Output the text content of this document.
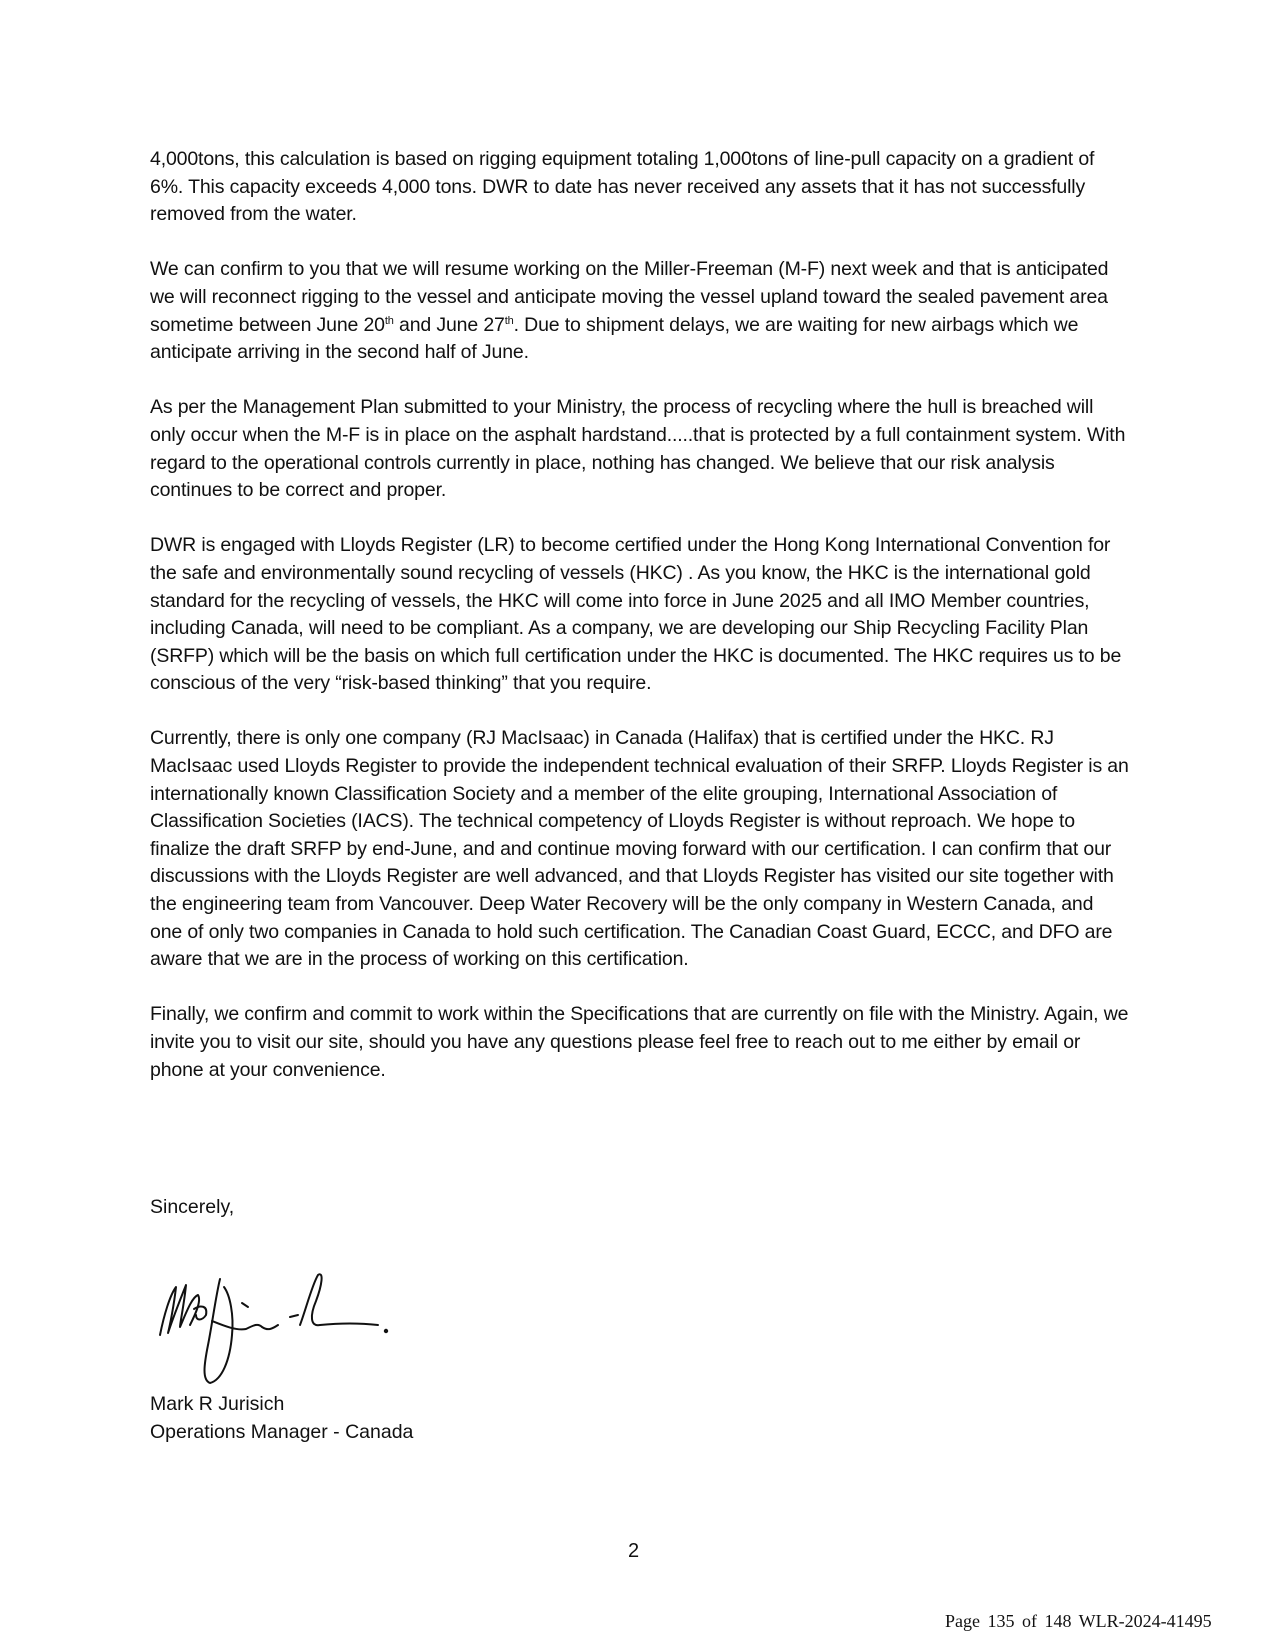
4,000tons, this calculation is based on rigging equipment totaling 1,000tons of line-pull capacity on a gradient of 6%. This capacity exceeds 4,000 tons. DWR to date has never received any assets that it has not successfully removed from the water.

We can confirm to you that we will resume working on the Miller-Freeman (M-F) next week and that is anticipated we will reconnect rigging to the vessel and anticipate moving the vessel upland toward the sealed pavement area sometime between June 20th and June 27th. Due to shipment delays, we are waiting for new airbags which we anticipate arriving in the second half of June.

As per the Management Plan submitted to your Ministry, the process of recycling where the hull is breached will only occur when the M-F is in place on the asphalt hardstand.....that is protected by a full containment system. With regard to the operational controls currently in place, nothing has changed. We believe that our risk analysis continues to be correct and proper.

DWR is engaged with Lloyds Register (LR) to become certified under the Hong Kong International Convention for the safe and environmentally sound recycling of vessels (HKC) . As you know, the HKC is the international gold standard for the recycling of vessels, the HKC will come into force in June 2025 and all IMO Member countries, including Canada, will need to be compliant. As a company, we are developing our Ship Recycling Facility Plan (SRFP) which will be the basis on which full certification under the HKC is documented. The HKC requires us to be conscious of the very “risk-based thinking” that you require.

Currently, there is only one company (RJ MacIsaac) in Canada (Halifax) that is certified under the HKC. RJ MacIsaac used Lloyds Register to provide the independent technical evaluation of their SRFP. Lloyds Register is an internationally known Classification Society and a member of the elite grouping, International Association of Classification Societies (IACS). The technical competency of Lloyds Register is without reproach. We hope to finalize the draft SRFP by end-June, and and continue moving forward with our certification. I can confirm that our discussions with the Lloyds Register are well advanced, and that Lloyds Register has visited our site together with the engineering team from Vancouver. Deep Water Recovery will be the only company in Western Canada, and one of only two companies in Canada to hold such certification. The Canadian Coast Guard, ECCC, and DFO are aware that we are in the process of working on this certification.

Finally, we confirm and commit to work within the Specifications that are currently on file with the Ministry. Again, we invite you to visit our site, should you have any questions please feel free to reach out to me either by email or phone at your convenience.

Sincerely,
Mark R Jurisich
Operations Manager - Canada
2
Page 135 of 148 WLR-2024-41495
